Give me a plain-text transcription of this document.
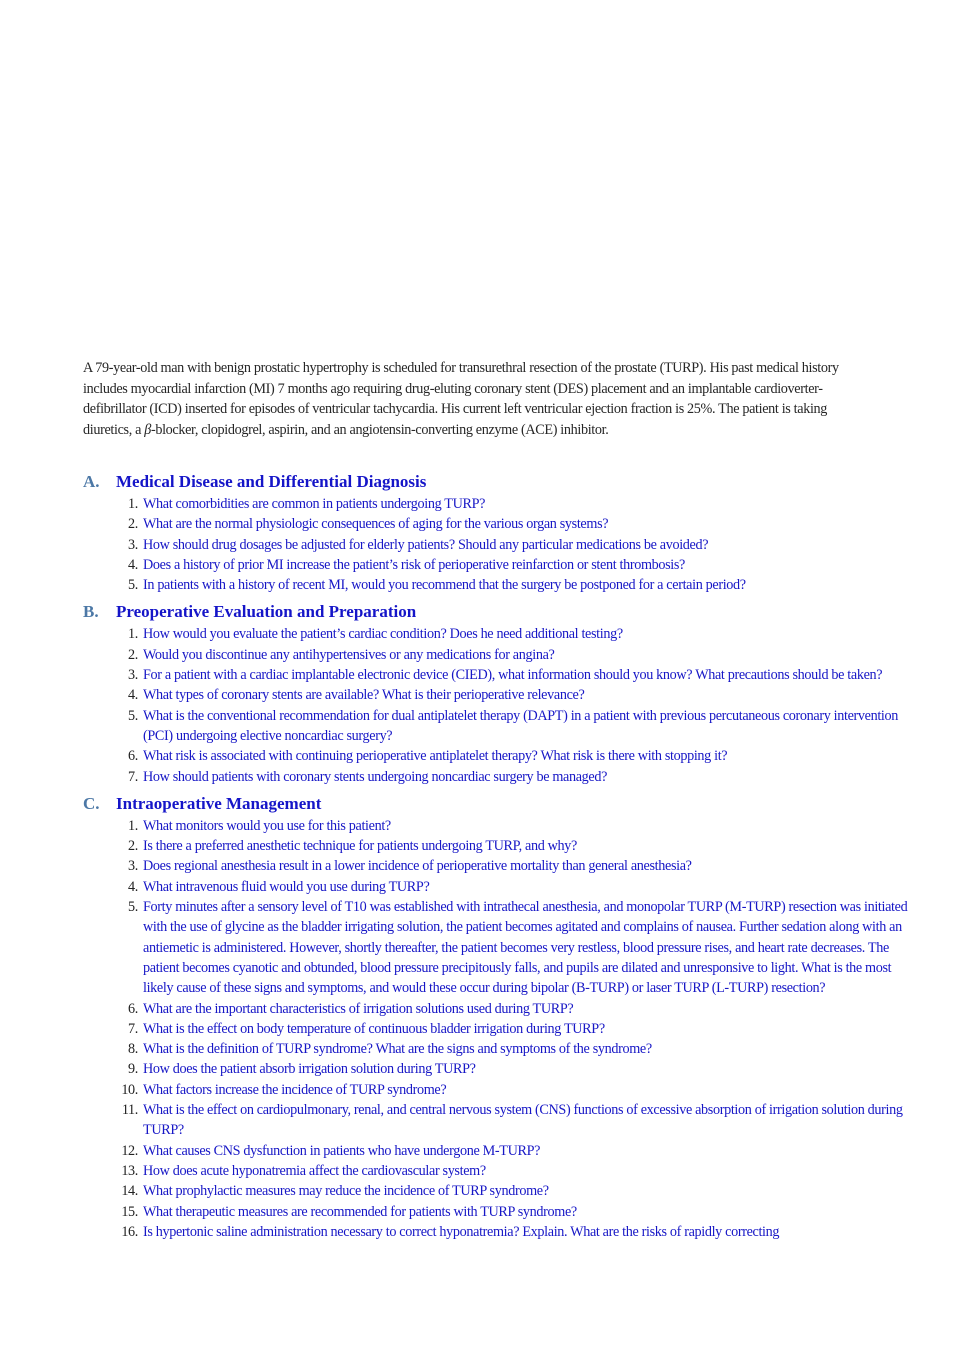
A 79-year-old man with benign prostatic hypertrophy is scheduled for transurethral resection of the prostate (TURP). His past medical history includes myocardial infarction (MI) 7 months ago requiring drug-eluting coronary stent (DES) placement and an implantable cardioverter-defibrillator (ICD) inserted for episodes of ventricular tachycardia. His current left ventricular ejection fraction is 25%. The patient is taking diuretics, a β-blocker, clopidogrel, aspirin, and an angiotensin-converting enzyme (ACE) inhibitor.

A. Medical Disease and Differential Diagnosis
1. What comorbidities are common in patients undergoing TURP?
2. What are the normal physiologic consequences of aging for the various organ systems?
3. How should drug dosages be adjusted for elderly patients? Should any particular medications be avoided?
4. Does a history of prior MI increase the patient’s risk of perioperative reinfarction or stent thrombosis?
5. In patients with a history of recent MI, would you recommend that the surgery be postponed for a certain period?
B.	Preoperative Evaluation and Preparation
1. How would you evaluate the patient’s cardiac condition? Does he need additional testing?
2. Would you discontinue any antihypertensives or any medications for angina?
3. For a patient with a cardiac implantable electronic device (CIED), what information should you know? What precautions should be taken?
4. What types of coronary stents are available? What is their perioperative relevance?
5. What is the conventional recommendation for dual antiplatelet therapy (DAPT) in a patient with previous percutaneous coronary intervention (PCI) undergoing elective noncardiac surgery?
6. What risk is associated with continuing perioperative antiplatelet therapy? What risk is there with stopping it?
7. How should patients with coronary stents undergoing noncardiac surgery be managed?
C. Intraoperative Management
1. What monitors would you use for this patient?
2. Is there a preferred anesthetic technique for patients undergoing TURP, and why?
3. Does regional anesthesia result in a lower incidence of perioperative mortality than general anesthesia?
4. What intravenous fluid would you use during TURP?
5. Forty minutes after a sensory level of T10 was established with intrathecal anesthesia, and monopolar TURP (M-TURP) resection was initiated with the use of glycine as the bladder irrigating solution, the patient becomes agitated and complains of nausea. Further sedation along with an antiemetic is administered. However, shortly thereafter, the patient becomes very restless, blood pressure rises, and heart rate decreases. The patient becomes cyanotic and obtunded, blood pressure precipitously falls, and pupils are dilated and unresponsive to light. What is the most likely cause of these signs and symptoms, and would these occur during bipolar (B-TURP) or laser TURP (L-TURP) resection?
6. What are the important characteristics of irrigation solutions used during TURP?
7. What is the effect on body temperature of continuous bladder irrigation during TURP?
8. What is the definition of TURP syndrome? What are the signs and symptoms of the syndrome?
9. How does the patient absorb irrigation solution during TURP?
10. What factors increase the incidence of TURP syndrome?
11. What is the effect on cardiopulmonary, renal, and central nervous system (CNS) functions of excessive absorption of irrigation solution during TURP?
12. What causes CNS dysfunction in patients who have undergone M-TURP?
13. How does acute hyponatremia affect the cardiovascular system?
14. What prophylactic measures may reduce the incidence of TURP syndrome?
15. What therapeutic measures are recommended for patients with TURP syndrome?
16. Is hypertonic saline administration necessary to correct hyponatremia? Explain. What are the risks of rapidly correcting
